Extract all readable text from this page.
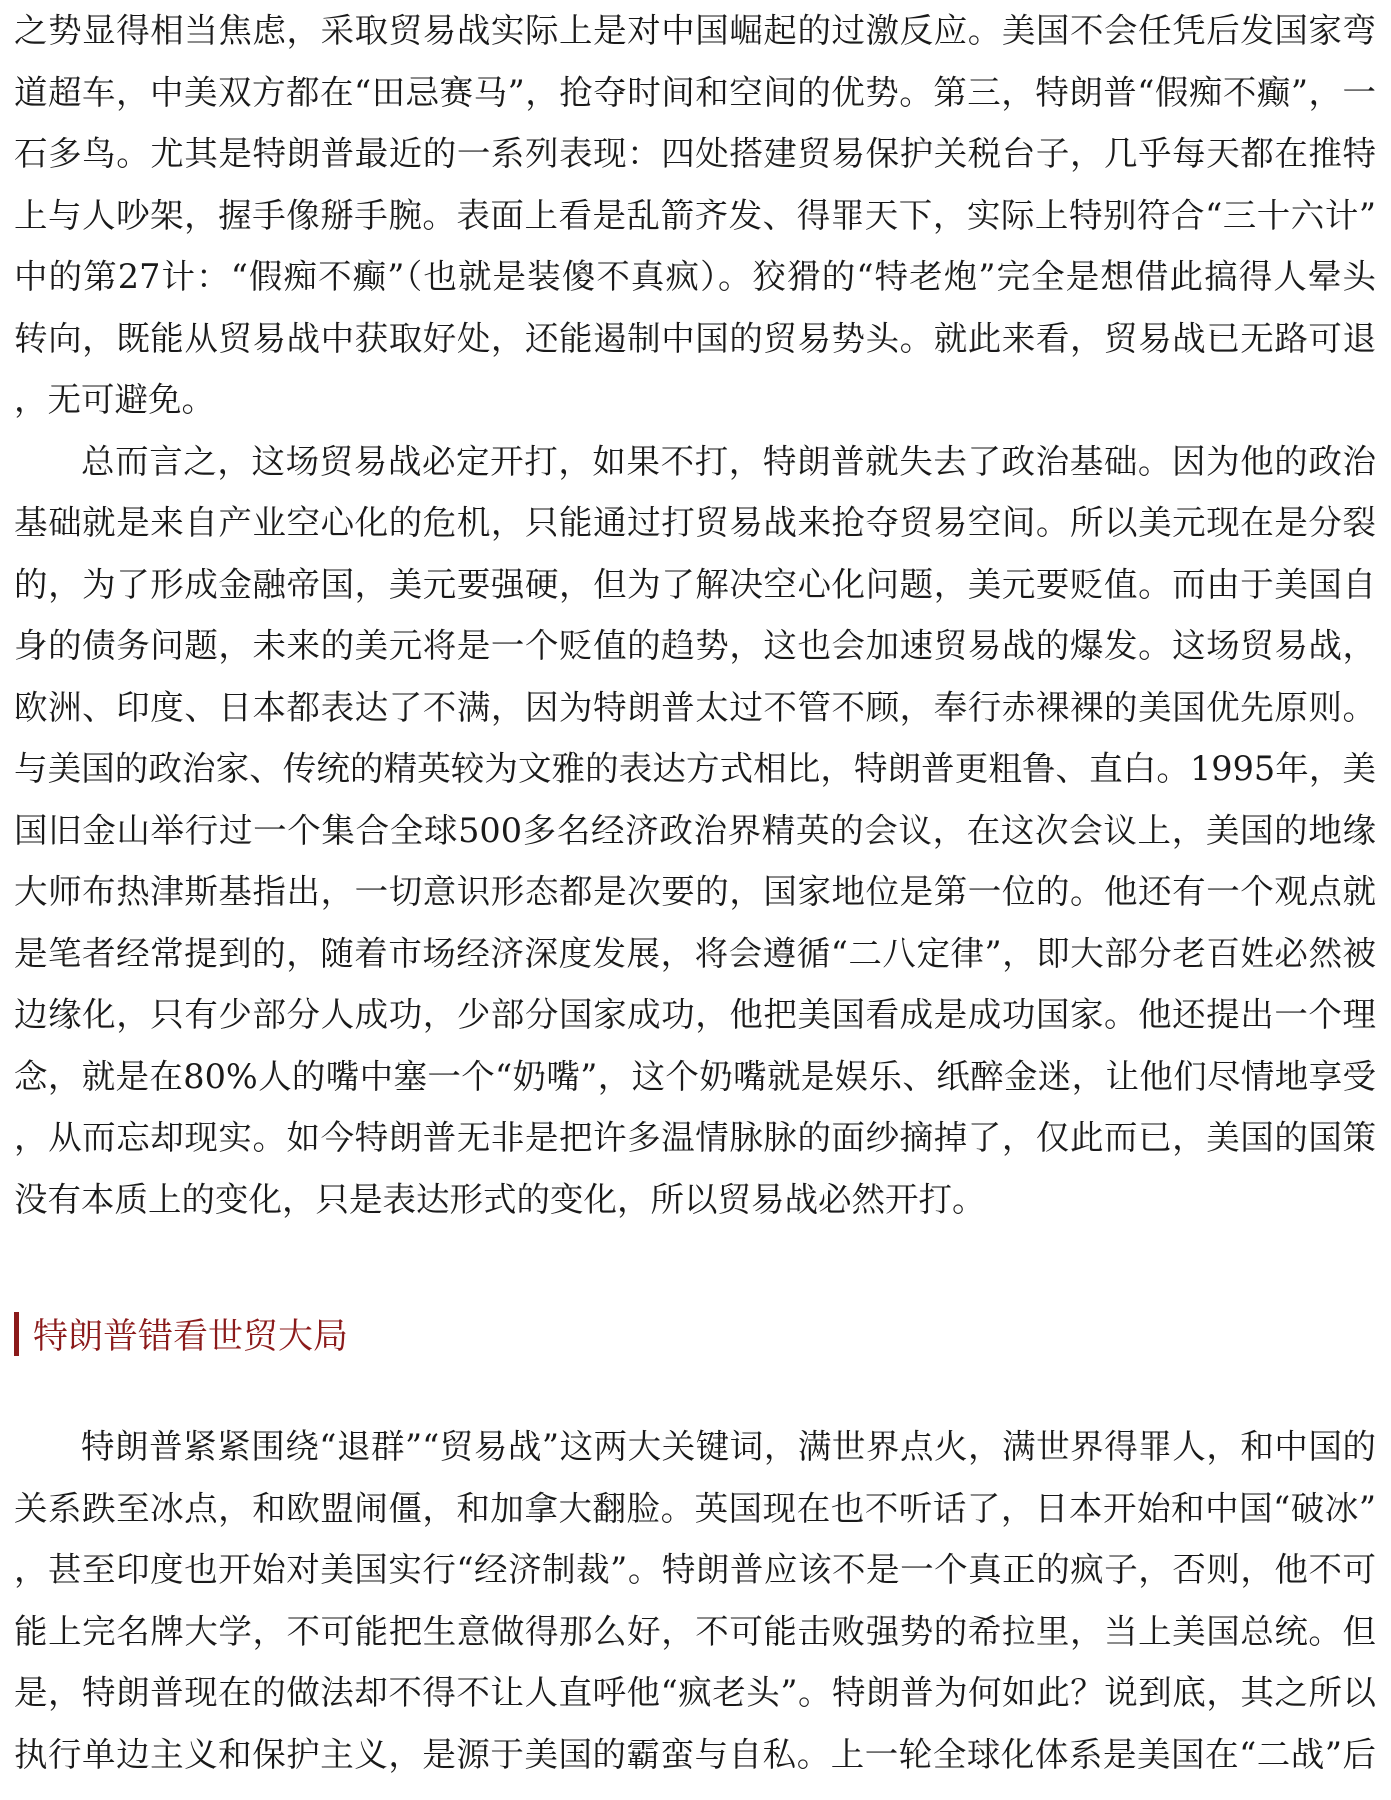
之势显得相当焦虑，采取贸易战实际上是对中国崛起的过激反应。美国不会任凭后发国家弯
道超车，中美双方都在“田忌赛马”，抢夺时间和空间的优势。第三，特朗普“假痴不癫”，一
石多鸟。尤其是特朗普最近的一系列表现：四处搭建贸易保护关税台子，几乎每天都在推特
上与人吵架，握手像掰手腕。表面上看是乱箭齐发、得罪天下，实际上特别符合“三十六计”
中的第27计：“假痴不癫”（也就是装傻不真疯）。狡猾的“特老炮”完全是想借此搞得人晕头
转向，既能从贸易战中获取好处，还能遏制中国的贸易势头。就此来看，贸易战已无路可退
，无可避免。
总而言之，这场贸易战必定开打，如果不打，特朗普就失去了政治基础。因为他的政治
基础就是来自产业空心化的危机，只能通过打贸易战来抢夺贸易空间。所以美元现在是分裂
的，为了形成金融帝国，美元要强硬，但为了解决空心化问题，美元要贬值。而由于美国自
身的债务问题，未来的美元将是一个贬值的趋势，这也会加速贸易战的爆发。这场贸易战，
欧洲、印度、日本都表达了不满，因为特朗普太过不管不顾，奉行赤裸裸的美国优先原则。
与美国的政治家、传统的精英较为文雅的表达方式相比，特朗普更粗鲁、直白。1995年，美
国旧金山举行过一个集合全球500多名经济政治界精英的会议，在这次会议上，美国的地缘
大师布热津斯基指出，一切意识形态都是次要的，国家地位是第一位的。他还有一个观点就
是笔者经常提到的，随着市场经济深度发展，将会遵循“二八定律”，即大部分老百姓必然被
边缘化，只有少部分人成功，少部分国家成功，他把美国看成是成功国家。他还提出一个理
念，就是在80%人的嘴中塞一个“奶嘴”，这个奶嘴就是娱乐、纸醉金迷，让他们尽情地享受
，从而忘却现实。如今特朗普无非是把许多温情脉脉的面纱摘掉了，仅此而已，美国的国策
没有本质上的变化，只是表达形式的变化，所以贸易战必然开打。
特朗普错看世贸大局
特朗普紧紧围绕“退群”“贸易战”这两大关键词，满世界点火，满世界得罪人，和中国的
关系跌至冰点，和欧盟闹僵，和加拿大翻脸。英国现在也不听话了，日本开始和中国“破冰”
，甚至印度也开始对美国实行“经济制裁”。特朗普应该不是一个真正的疯子，否则，他不可
能上完名牌大学，不可能把生意做得那么好，不可能击败强势的希拉里，当上美国总统。但
是，特朗普现在的做法却不得不让人直呼他“疯老头”。特朗普为何如此？说到底，其之所以
执行单边主义和保护主义，是源于美国的霸蛮与自私。上一轮全球化体系是美国在“二战”后
